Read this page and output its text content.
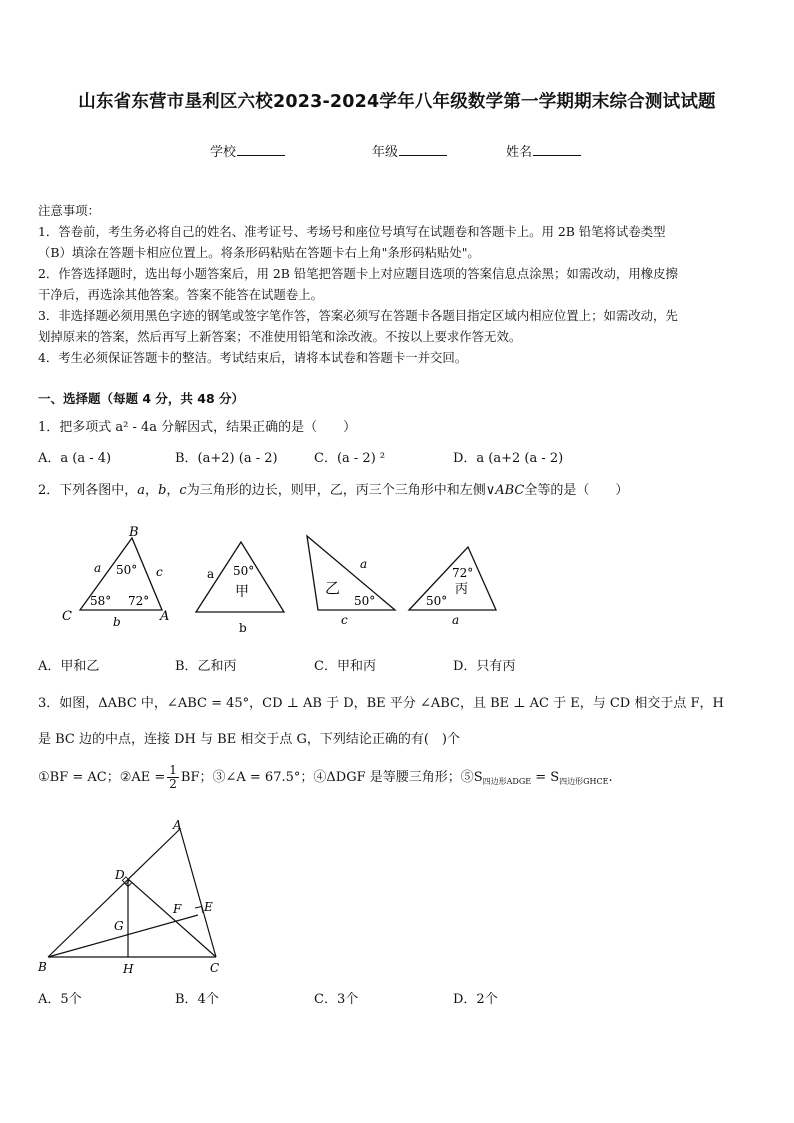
山东省东营市垦利区六校2023-2024学年八年级数学第一学期期末综合测试试题
学校	年级	姓名
注意事项：
1．答卷前，考生务必将自己的姓名、准考证号、考场号和座位号填写在试题卷和答题卡上。用 2B 铅笔将试卷类型
（B）填涂在答题卡相应位置上。将条形码粘贴在答题卡右上角"条形码粘贴处"。
2．作答选择题时，选出每小题答案后，用 2B 铅笔把答题卡上对应题目选项的答案信息点涂黑；如需改动，用橡皮擦
干净后，再选涂其他答案。答案不能答在试题卷上。
3．非选择题必须用黑色字迹的钢笔或签字笔作答，答案必须写在答题卡各题目指定区域内相应位置上；如需改动，先
划掉原来的答案，然后再写上新答案；不准使用铅笔和涂改液。不按以上要求作答无效。
4．考生必须保证答题卡的整洁。考试结束后，请将本试卷和答题卡一并交回。
一、选择题（每题 4 分，共 48 分）
1．把多项式 a² - 4a 分解因式，结果正确的是（　　）
A．a (a - 4)	B．(a+2) (a - 2)	C．(a - 2) ²	D．a (a+2 (a - 2)
2．下列各图中，a，b，c为三角形的边长，则甲，乙，丙三个三角形中和左侧∨ABC全等的是（　　）
B
C	A
a	c
b
50°
58° 72°
a
b
50°
甲
a
c
50°
乙
a
72°
50°
丙
A．甲和乙	B．乙和丙	C．甲和丙	D．只有丙
3．如图，ΔABC 中，∠ABC = 45°，CD ⊥ AB 于 D，BE 平分 ∠ABC，且 BE ⊥ AC 于 E，与 CD 相交于点 F，H
是 BC 边的中点，连接 DH 与 BE 相交于点 G，下列结论正确的有(　)个
①BF = AC；②AE = $\frac{1}{2}$ BF；③∠A = 67.5°；④ΔDGF 是等腰三角形；$⑤S_{四边形ADGE} = S_{四边形GHCE}$.
A
B	C
D
E
F
G
H
A．5个	B．4个	C．3个	D．2个
